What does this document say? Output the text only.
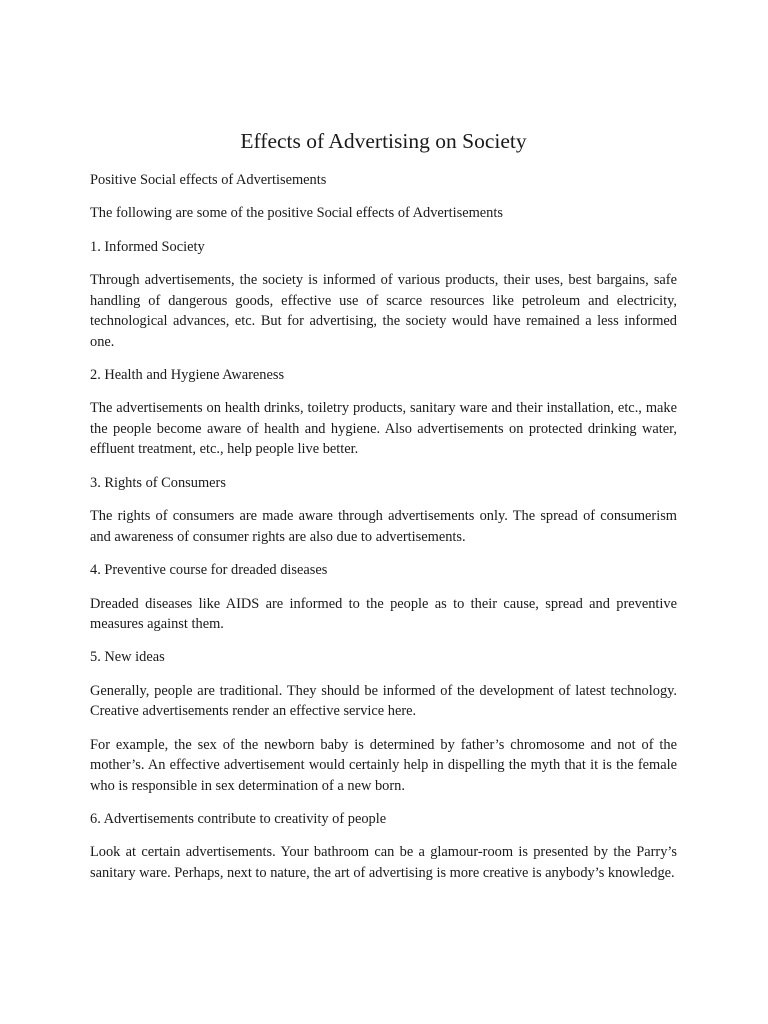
Effects of Advertising on Society

Positive Social effects of Advertisements

The following are some of the positive Social effects of Advertisements

1. Informed Society

Through advertisements, the society is informed of various products, their uses, best bargains, safe handling of dangerous goods, effective use of scarce resources like petroleum and electricity, technological advances, etc. But for advertising, the society would have remained a less informed one.

2. Health and Hygiene Awareness

The advertisements on health drinks, toiletry products, sanitary ware and their installation, etc., make the people become aware of health and hygiene. Also advertisements on protected drinking water, effluent treatment, etc., help people live better.

3. Rights of Consumers

The rights of consumers are made aware through advertisements only. The spread of consumerism and awareness of consumer rights are also due to advertisements.

4. Preventive course for dreaded diseases

Dreaded diseases like AIDS are informed to the people as to their cause, spread and preventive measures against them.

5. New ideas

Generally, people are traditional. They should be informed of the development of latest technology. Creative advertisements render an effective service here.

For example, the sex of the newborn baby is determined by father’s chromosome and not of the mother’s. An effective advertisement would certainly help in dispelling the myth that it is the female who is responsible in sex determination of a new born.

6. Advertisements contribute to creativity of people

Look at certain advertisements. Your bathroom can be a glamour-room is presented by the Parry’s sanitary ware. Perhaps, next to nature, the art of advertising is more creative is anybody’s knowledge.
